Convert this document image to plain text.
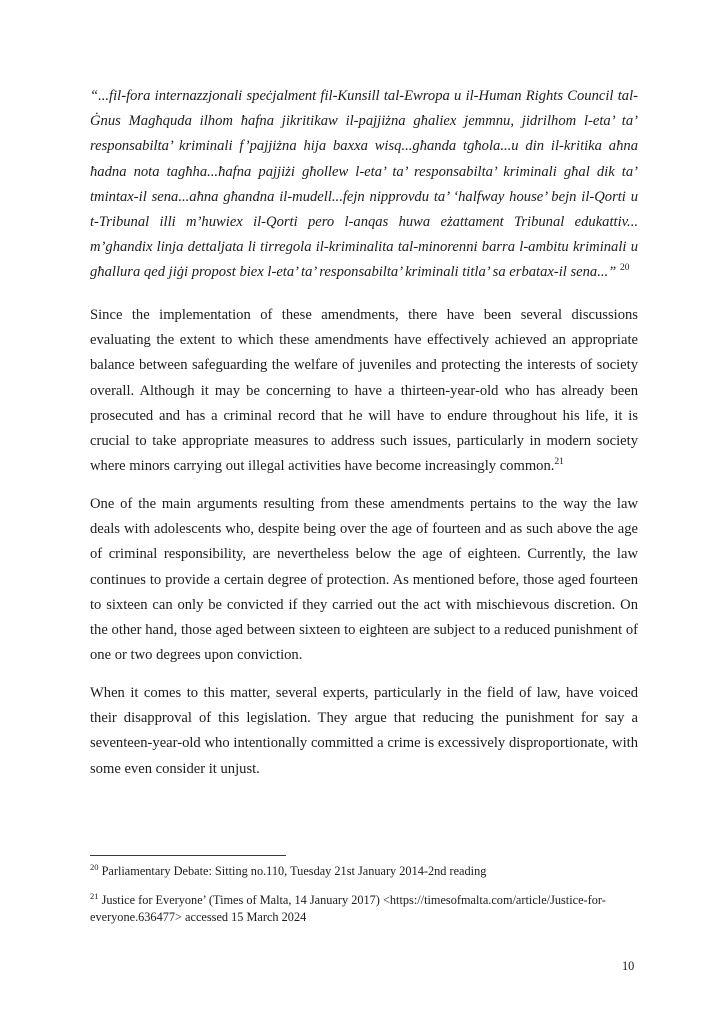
“...fil-fora internazzjonali speċjalment fil-Kunsill tal-Ewropa u il-Human Rights Council tal-Ġnus Magħquda ilhom ħafna jikritikaw il-pajjiżna għaliex jemmnu, jidrilhom l-eta’ ta’ responsabilta’ kriminali f’pajjiżna hija baxxa wisq...għanda tgħola...u din il-kritika aħna ħadna nota tagħha...ħafna pajjiżi għollew l-eta’ ta’ responsabilta’ kriminali għal dik ta’ tmintax-il sena...aħna għandna il-mudell...fejn nipprovdu ta’ ‘halfway house’ bejn il-Qorti u t-Tribunal illi m’huwiex il-Qorti pero l-anqas huwa eżattament Tribunal edukattiv... m’ghandix linja dettaljata li tirregola il-kriminalita tal-minorenni barra l-ambitu kriminali u għallura qed jiġi propost biex l-eta’ ta’ responsabilta’ kriminali titla’ sa erbatax-il sena...” $^{20}$

Since the implementation of these amendments, there have been several discussions evaluating the extent to which these amendments have effectively achieved an appropriate balance between safeguarding the welfare of juveniles and protecting the interests of society overall. Although it may be concerning to have a thirteen-year-old who has already been prosecuted and has a criminal record that he will have to endure throughout his life, it is crucial to take appropriate measures to address such issues, particularly in modern society where minors carrying out illegal activities have become increasingly common.$^{21}$

One of the main arguments resulting from these amendments pertains to the way the law deals with adolescents who, despite being over the age of fourteen and as such above the age of criminal responsibility, are nevertheless below the age of eighteen. Currently, the law continues to provide a certain degree of protection. As mentioned before, those aged fourteen to sixteen can only be convicted if they carried out the act with mischievous discretion. On the other hand, those aged between sixteen to eighteen are subject to a reduced punishment of one or two degrees upon conviction.

When it comes to this matter, several experts, particularly in the field of law, have voiced their disapproval of this legislation. They argue that reducing the punishment for say a seventeen-year-old who intentionally committed a crime is excessively disproportionate, with some even consider it unjust.

$^{20}$ Parliamentary Debate: Sitting no.110, Tuesday 21st January 2014-2nd reading
$^{21}$ Justice for Everyone’ (Times of Malta, 14 January 2017) <https://timesofmalta.com/article/Justice-for-everyone.636477> accessed 15 March 2024
10
